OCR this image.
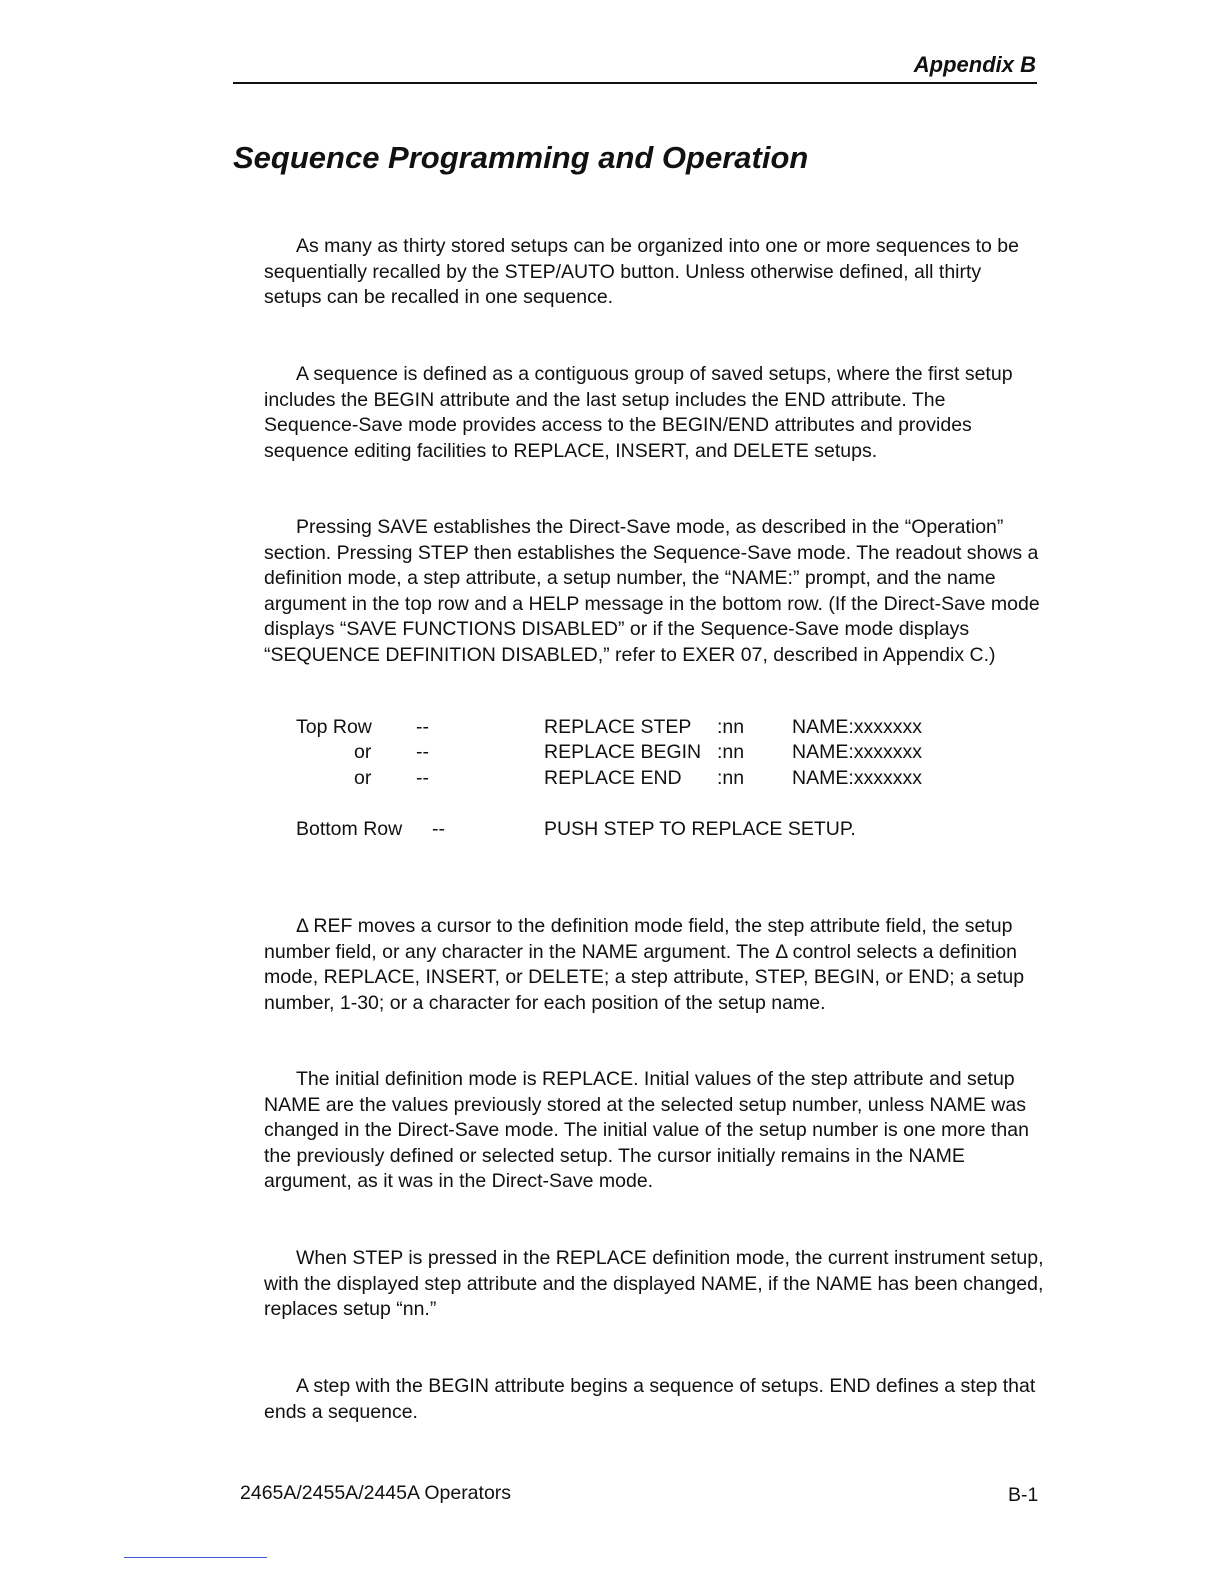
Appendix B
Sequence Programming and Operation

As many as thirty stored setups can be organized into one or more sequences to be sequentially recalled by the STEP/AUTO button. Unless otherwise defined, all thirty setups can be recalled in one sequence.

A sequence is defined as a contiguous group of saved setups, where the first setup includes the BEGIN attribute and the last setup includes the END attribute. The Sequence-Save mode provides access to the BEGIN/END attributes and provides sequence editing facilities to REPLACE, INSERT, and DELETE setups.

Pressing SAVE establishes the Direct-Save mode, as described in the “Operation” section. Pressing STEP then establishes the Sequence-Save mode. The readout shows a definition mode, a step attribute, a setup number, the “NAME:” prompt, and the name argument in the top row and a HELP message in the bottom row. (If the Direct-Save mode displays “SAVE FUNCTIONS DISABLED” or if the Sequence-Save mode displays “SEQUENCE DEFINITION DISABLED,” refer to EXER 07, described in Appendix C.)

Top Row --	REPLACE STEP :nn NAME:xxxxxxx
or --	REPLACE BEGIN :nn NAME:xxxxxxx
or --	REPLACE END :nn NAME:xxxxxxx
Bottom Row --	PUSH STEP TO REPLACE SETUP.

Δ REF moves a cursor to the definition mode field, the step attribute field, the setup number field, or any character in the NAME argument. The Δ control selects a definition mode, REPLACE, INSERT, or DELETE; a step attribute, STEP, BEGIN, or END; a setup number, 1-30; or a character for each position of the setup name.

The initial definition mode is REPLACE. Initial values of the step attribute and setup NAME are the values previously stored at the selected setup number, unless NAME was changed in the Direct-Save mode. The initial value of the setup number is one more than the previously defined or selected setup. The cursor initially remains in the NAME argument, as it was in the Direct-Save mode.

When STEP is pressed in the REPLACE definition mode, the current instrument setup, with the displayed step attribute and the displayed NAME, if the NAME has been changed, replaces setup “nn.”

A step with the BEGIN attribute begins a sequence of setups. END defines a step that ends a sequence.

2465A/2455A/2445A Operators	B-1
